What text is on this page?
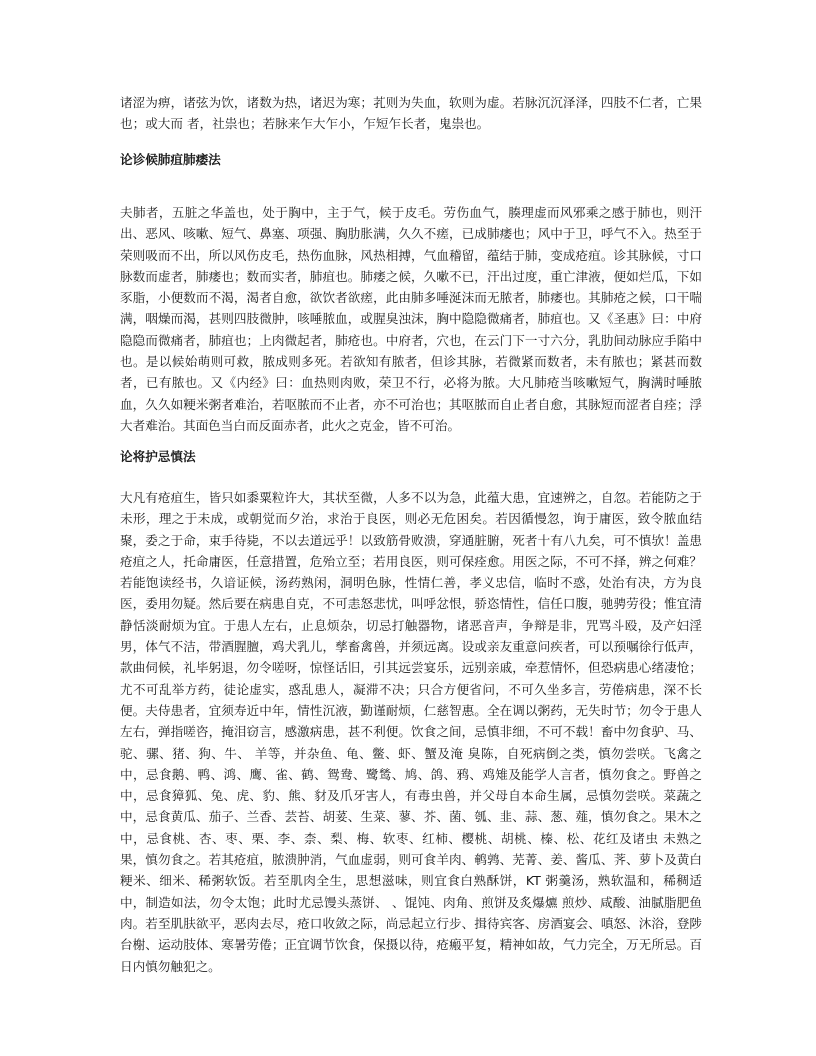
诸涩为痹，诸弦为饮，诸数为热，诸迟为寒；芤则为失血，软则为虚。若脉沉沉泽泽，四肢不仁者，亡果也；或大而 者，社祟也；若脉来乍大乍小，乍短乍长者，鬼祟也。

论诊候肺疽肺痿法

夫肺者，五脏之华盖也，处于胸中，主于气，候于皮毛。劳伤血气，腠理虚而风邪乘之感于肺也，则汗出、恶风、咳嗽、短气、鼻塞、项强、胸肋胀满，久久不瘥，已成肺痿也；风中于卫，呼气不入。热至于荣则吸而不出，所以风伤皮毛，热伤血脉，风热相搏，气血稽留，蕴结于肺，变成疮疽。诊其脉候，寸口脉数而虚者，肺痿也；数而实者，肺疽也。肺痿之候，久嗽不已，汗出过度，重亡津液，便如烂瓜，下如豕脂，小便数而不渴，渴者自愈，欲饮者欲瘥，此由肺多唾涎沫而无脓者，肺痿也。其肺疮之候，口干喘满，咽燥而渴，甚则四肢微肿，咳唾脓血，或腥臭浊沫，胸中隐隐微痛者，肺疽也。又《圣惠》曰：中府隐隐而微痛者，肺疽也；上肉微起者，肺疮也。中府者，穴也，在云门下一寸六分，乳肋间动脉应手陷中也。是以候始萌则可救，脓成则多死。若欲知有脓者，但诊其脉，若微紧而数者，未有脓也；紧甚而数者，已有脓也。又《内经》曰：血热则肉败，荣卫不行，必将为脓。大凡肺疮当咳嗽短气，胸满时唾脓血，久久如粳米粥者难治，若呕脓而不止者，亦不可治也；其呕脓而自止者自愈，其脉短而涩者自痊；浮大者难治。其面色当白而反面赤者，此火之克金，皆不可治。

论将护忌慎法

大凡有疮疽生，皆只如黍粟粒许大，其状至微，人多不以为急，此蕴大患，宜速辨之，自忽。若能防之于未形，理之于未成，或朝觉而夕治，求治于良医，则必无危困矣。若因循慢忽，询于庸医，致令脓血结聚，委之于命，束手待毙，不以去道远乎！以致筋骨败溃，穿通脏腑，死者十有八九矣，可不慎欤！盖患疮疽之人，托命庸医，任意措置，危殆立至；若用良医，则可保痊愈。用医之际，不可不择，辨之何难？若能饱读经书，久谙证候，汤药熟闲，洞明色脉，性情仁善，孝义忠信，临时不惑，处治有决，方为良医，委用勿疑。然后要在病患自克，不可恚怒悲忧，叫呼忿恨，骄恣情性，信任口腹，驰骋劳役；惟宜清静恬淡耐烦为宜。于患人左右，止息烦杂，切忌打触器物，诸恶音声，争辩是非，咒骂斗殴，及产妇淫男，体气不洁，带酒腥膻，鸡犬乳儿，孳畜禽兽，并须远离。设或亲友重意问疾者，可以预嘱徐行低声，款曲伺候，礼毕躬退，勿令嗟呀，惊怪话旧，引其远尝宴乐，远别亲戚，牵惹情怀，但恐病患心绪凄怆；尤不可乱举方药，徒论虚实，惑乱患人，凝滞不决；只合方便省问，不可久坐多言，劳倦病患，深不长便。夫侍患者，宜须寿近中年，情性沉液，勤谨耐烦，仁慈智惠。全在调以粥药，无失时节；勿令于患人左右，弹指嗟咨，掩泪窃言，感激病患，甚不利便。饮食之间，忌慎非细，不可不载！畜中勿食驴、马、驼、骡、猪、狗、牛、 羊等，并杂鱼、龟、鳖、虾、蟹及淹 臭陈，自死病倒之类，慎勿尝咲。飞禽之中，忌食鹅、鸭、鸿、鹰、雀、鹤、鸳鸯、鹭鸶、鸠、鸽、鸦、鸡雉及能学人言者，慎勿食之。野兽之中，忌食獐狐、兔、虎、豹、熊、豺及爪牙害人，有毒虫兽，并父母自本命生属，忌慎勿尝咲。菜蔬之中，忌食黄瓜、茄子、兰香、芸苔、胡荽、生菜、蓼、芥、菌、瓠、韭、蒜、葱、薤，慎勿食之。果木之中，忌食桃、杏、枣、栗、李、柰、梨、梅、软枣、红柿、樱桃、胡桃、榛、松、花红及诸虫 未熟之果，慎勿食之。若其疮疽，脓溃肿消，气血虚弱，则可食羊肉、鹌鹑、芜菁、姜、酱瓜、荠、萝卜及黄白粳米、细米、稀粥软饭。若至肌肉全生，思想滋味，则宜食白熟酥饼，KT 粥羹汤，熟软温和，稀稠适中，制造如法，勿令太饱；此时尤忌馒头蒸饼、 、馄饨、肉角、煎饼及炙爆爊 煎炒、咸酸、油腻脂肥鱼肉。若至肌肤欲平，恶肉去尽，疮口收敛之际，尚忌起立行步、揖待宾客、房酒宴会、嗔怒、沐浴，登陟台榭、运动肢体、寒暑劳倦；正宜调节饮食，保摄以待，疮瘢平复，精神如故，气力完全，万无所忌。百日内慎勿触犯之。
